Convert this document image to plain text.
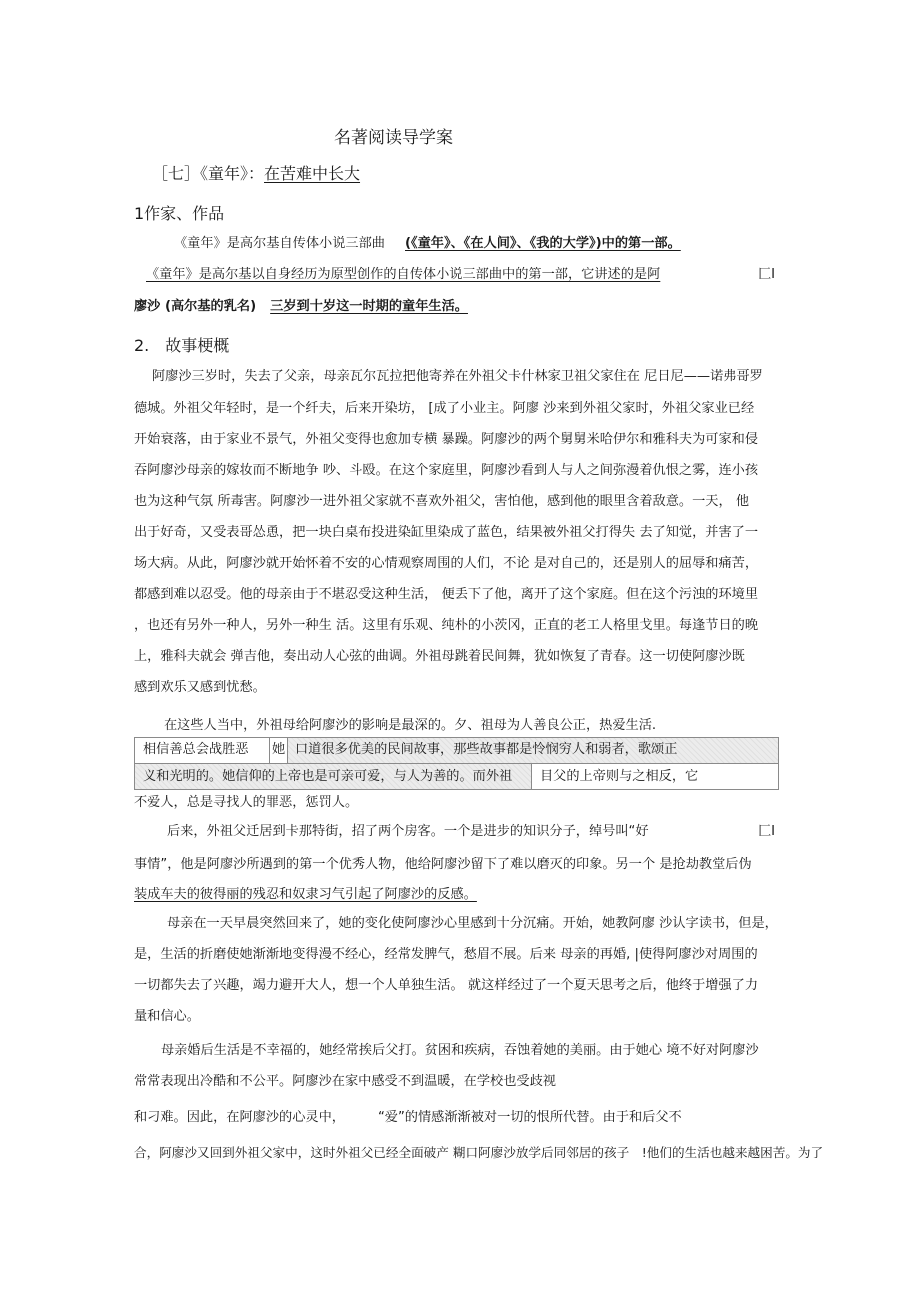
名著阅读导学案
［七］《童年》：在苦难中长大
1作家、作品
《童年》是高尔基自传体小说三部曲 (《童年》、《在人间》、《我的大学》)中的第一部。
《童年》是高尔基以自身经历为原型创作的自传体小说三部曲中的第一部，它讲述的是阿	匚I
廖沙 (高尔基的乳名) 三岁到十岁这一时期的童年生活。
2.　故事梗概
阿廖沙三岁时，失去了父亲，母亲瓦尔瓦拉把他寄养在外祖父卡什林家卫祖父家住在 尼日尼——诺弗哥罗
德城。外祖父年轻时，是一个纤夫，后来开染坊， [成了小业主。阿廖 沙来到外祖父家时，外祖父家业已经
开始衰落，由于家业不景气，外祖父变得也愈加专横 暴躁。阿廖沙的两个舅舅米哈伊尔和雅科夫为可家和侵
吞阿廖沙母亲的嫁妆而不断地争 吵、斗殴。在这个家庭里，阿廖沙看到人与人之间弥漫着仇恨之雾，连小孩
也为这种气氛 所毒害。阿廖沙一进外祖父家就不喜欢外祖父，害怕他，感到他的眼里含着敌意。一天， 他
出于好奇，又受表哥怂恿，把一块白桌布投进染缸里染成了蓝色，结果被外祖父打得失 去了知觉，并害了一
场大病。从此，阿廖沙就开始怀着不安的心情观察周围的人们，不论 是对自己的，还是别人的屈辱和痛苦，
都感到难以忍受。他的母亲由于不堪忍受这种生活， 便丢下了他，离开了这个家庭。但在这个污浊的环境里
，也还有另外一种人，另外一种生 活。这里有乐观、纯朴的小茨冈，正直的老工人格里戈里。每逢节日的晚
上，雅科夫就会 弹吉他，奏出动人心弦的曲调。外祖母跳着民间舞，犹如恢复了青春。这一切使阿廖沙既
感到欢乐又感到忧愁。
在这些人当中，外祖母给阿廖沙的影响是最深的。夕、祖母为人善良公正，热爱生活.
相信善总会战胜恶 她 口道很多优美的民间故事，那些故事都是怜悯穷人和弱者，歌颂正
义和光明的。她信仰的上帝也是可亲可爱，与人为善的。而外祖 目父的上帝则与之相反，它
不爱人，总是寻找人的罪恶，惩罚人。
后来，外祖父迁居到卡那特街，招了两个房客。一个是进步的知识分子，绰号叫“好	匚I
事情”，他是阿廖沙所遇到的第一个优秀人物，他给阿廖沙留下了难以磨灭的印象。另一个 是抢劫教堂后伪
装成车夫的彼得丽的残忍和奴隶习气引起了阿廖沙的反感。
母亲在一天早晨突然回来了，她的变化使阿廖沙心里感到十分沉痛。开始，她教阿廖 沙认字读书，但是，
是，生活的折磨使她渐渐地变得漫不经心，经常发脾气，愁眉不展。后来 母亲的再婚, |使得阿廖沙对周围的
一切都失去了兴趣，竭力避开大人，想一个人单独生活。 就这样经过了一个夏天思考之后，他终于增强了力
量和信心。
母亲婚后生活是不幸福的，她经常挨后父打。贫困和疾病，吞蚀着她的美丽。由于她心 境不好对阿廖沙
常常表现出冷酷和不公平。阿廖沙在家中感受不到温暖，在学校也受歧视
和刁难。因此，在阿廖沙的心灵中，　　　“爱”的情感渐渐被对一切的恨所代替。由于和后父不
合，阿廖沙又回到外祖父家中，这时外祖父已经全面破产 糊口阿廖沙放学后同邻居的孩子　!他们的生活也越来越困苦。为了
